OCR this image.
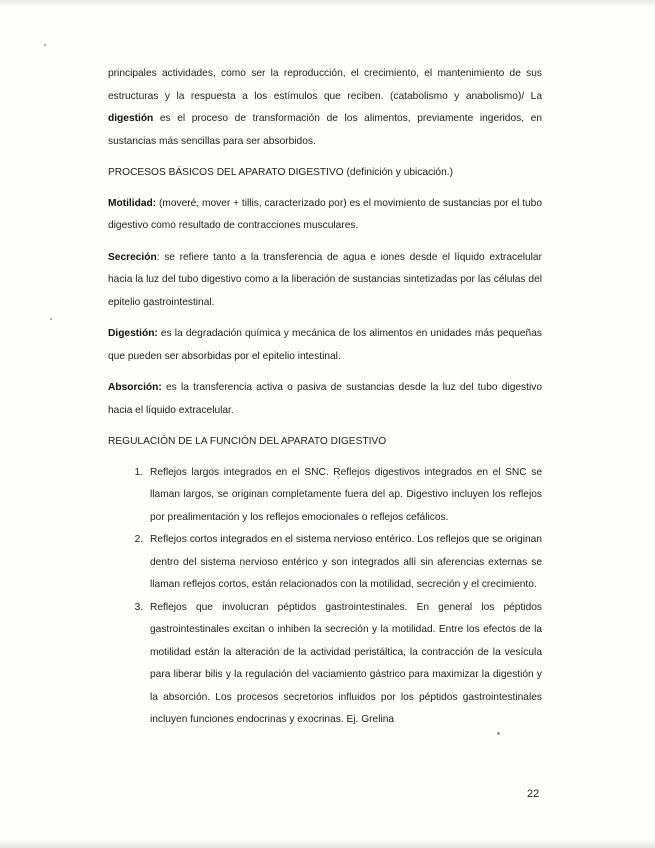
principales actividades, como ser la reproducción, el crecimiento, el mantenimiento de sus estructuras y la respuesta a los estímulos que reciben. (catabolismo y anabolismo)/ La digestión es el proceso de transformación de los alimentos, previamente ingeridos, en sustancias más sencillas para ser absorbidos.

PROCESOS BÁSICOS DEL APARATO DIGESTIVO (definición y ubicación.)

Motilidad: (moveré, mover + tillis, caracterizado por) es el movimiento de sustancias por el tubo digestivo como resultado de contracciones musculares.

Secreción: se refiere tanto a la transferencia de agua e iones desde el líquido extracelular hacia la luz del tubo digestivo como a la liberación de sustancias sintetizadas por las células del epitelio gastrointestinal.

Digestión: es la degradación química y mecánica de los alimentos en unidades más pequeñas que pueden ser absorbidas por el epitelio intestinal.

Absorción: es la transferencia activa o pasiva de sustancias desde la luz del tubo digestivo hacia el líquido extracelular.

REGULACIÓN DE LA FUNCIÓN DEL APARATO DIGESTIVO

1. Reflejos largos integrados en el SNC. Reflejos digestivos integrados en el SNC se llaman largos, se originan completamente fuera del ap. Digestivo incluyen los reflejos por prealimentación y los reflejos emocionales o reflejos cefálicos.
2. Reflejos cortos integrados en el sistema nervioso entérico. Los reflejos que se originan dentro del sistema nervioso entérico y son integrados allí sin aferencias externas se llaman reflejos cortos, están relacionados con la motilidad, secreción y el crecimiento.
3. Reflejos que involucran péptidos gastrointestinales. En general los péptidos gastrointestinales excitan o inhiben la secreción y la motilidad. Entre los efectos de la motilidad están la alteración de la actividad peristáltica, la contracción de la vesícula para liberar bilis y la regulación del vaciamiento gástrico para maximizar la digestión y la absorción. Los procesos secretorios influidos por los péptidos gastrointestinales incluyen funciones endocrinas y exocrinas. Ej. Grelina
22
